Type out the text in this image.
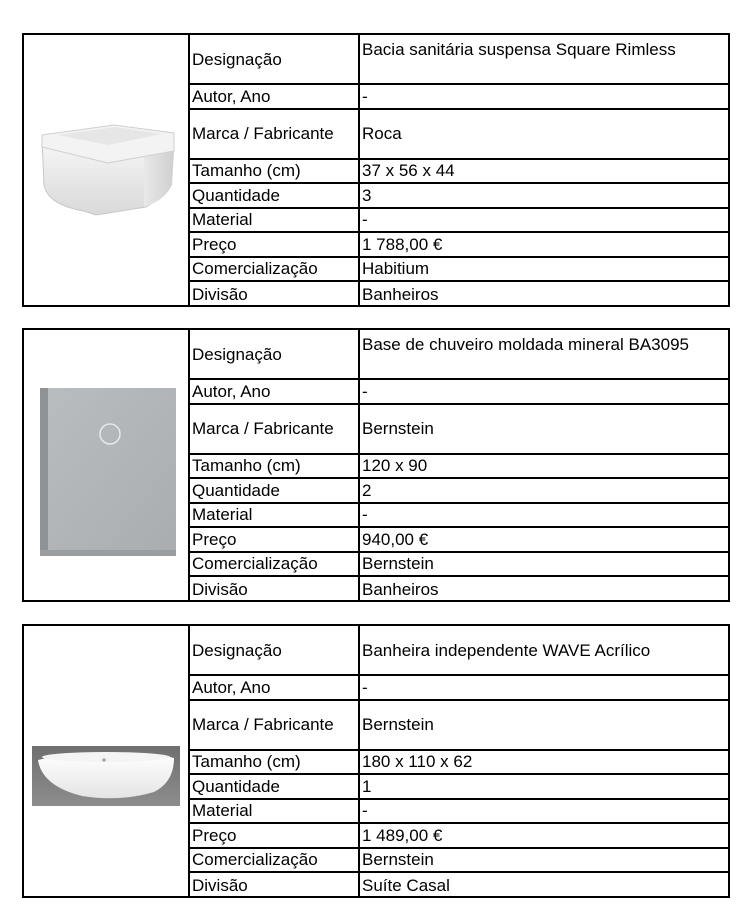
Designação	Bacia sanitária suspensa Square Rimless
Autor, Ano	-
Marca / Fabricante	Roca
Tamanho (cm)	37 x 56 x 44
Quantidade	3
Material	-
Preço	1 788,00 €
Comercialização	Habitium
Divisão	Banheiros
Designação	Base de chuveiro moldada mineral BA3095
Autor, Ano	-
Marca / Fabricante	Bernstein
Tamanho (cm)	120 x 90
Quantidade	2
Material	-
Preço	940,00 €
Comercialização	Bernstein
Divisão	Banheiros
Designação	Banheira independente WAVE Acrílico
Autor, Ano	-
Marca / Fabricante	Bernstein
Tamanho (cm)	180 x 110 x 62
Quantidade	1
Material	-
Preço	1 489,00 €
Comercialização	Bernstein
Divisão	Suíte Casal
